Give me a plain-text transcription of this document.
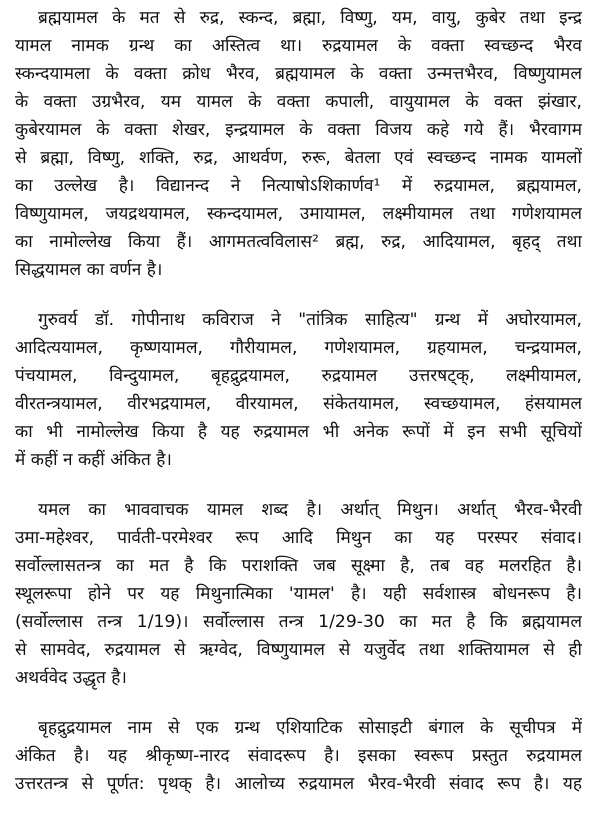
ब्रह्मयामल के मत से रुद्र, स्कन्द, ब्रह्मा, विष्णु, यम, वायु, कुबेर तथा इन्द्र
यामल नामक ग्रन्थ का अस्तित्व था। रुद्रयामल के वक्ता स्वच्छन्द भैरव
स्कन्दयामला के वक्ता क्रोध भैरव, ब्रह्मयामल के वक्ता उन्मत्तभैरव, विष्णुयामल
के वक्ता उग्रभैरव, यम यामल के वक्ता कपाली, वायुयामल के वक्त झंखार,
कुबेरयामल के वक्ता शेखर, इन्द्रयामल के वक्ता विजय कहे गये हैं। भैरवागम
से ब्रह्मा, विष्णु, शक्ति, रुद्र, आथर्वण, रुरू, बेतला एवं स्वच्छन्द नामक यामलों
का उल्लेख है। विद्यानन्द ने नित्याषोऽशिकार्णव¹ में रुद्रयामल, ब्रह्मयामल,
विष्णुयामल, जयद्रथयामल, स्कन्दयामल, उमायामल, लक्ष्मीयामल तथा गणेशयामल
का नामोल्लेख किया हैं। आगमतत्वविलास² ब्रह्म, रुद्र, आदियामल, बृहद् तथा
सिद्धयामल का वर्णन है।
गुरुवर्य डॉ. गोपीनाथ कविराज ने "तांत्रिक साहित्य" ग्रन्थ में अघोरयामल,
आदित्ययामल, कृष्णयामल, गौरीयामल, गणेशयामल, ग्रहयामल, चन्द्रयामल,
पंचयामल, विन्दुयामल, बृहद्रुद्रयामल, रुद्रयामल उत्तरषट्क्, लक्ष्मीयामल,
वीरतन्त्रयामल, वीरभद्रयामल, वीरयामल, संकेतयामल, स्वच्छयामल, हंसयामल
का भी नामोल्लेख किया है यह रुद्रयामल भी अनेक रूपों में इन सभी सूचियों
में कहीं न कहीं अंकित है।
यमल का भाववाचक यामल शब्द है। अर्थात् मिथुन। अर्थात् भैरव-भैरवी
उमा-महेश्वर, पार्वती-परमेश्वर रूप आदि मिथुन का यह परस्पर संवाद।
सर्वोल्लासतन्त्र का मत है कि पराशक्ति जब सूक्ष्मा है, तब वह मलरहित है।
स्थूलरूपा होने पर यह मिथुनात्मिका 'यामल' है। यही सर्वशास्त्र बोधनरूप है।
(सर्वोल्लास तन्त्र 1/19)। सर्वोल्लास तन्त्र 1/29-30 का मत है कि ब्रह्मयामल
से सामवेद, रुद्रयामल से ऋग्वेद, विष्णुयामल से यजुर्वेद तथा शक्तियामल से ही
अथर्ववेद उद्धृत है।
बृहद्रुद्रयामल नाम से एक ग्रन्थ एशियाटिक सोसाइटी बंगाल के सूचीपत्र में
अंकित है। यह श्रीकृष्ण-नारद संवादरूप है। इसका स्वरूप प्रस्तुत रुद्रयामल
उत्तरतन्त्र से पूर्णत: पृथक् है। आलोच्य रुद्रयामल भैरव-भैरवी संवाद रूप है। यह
